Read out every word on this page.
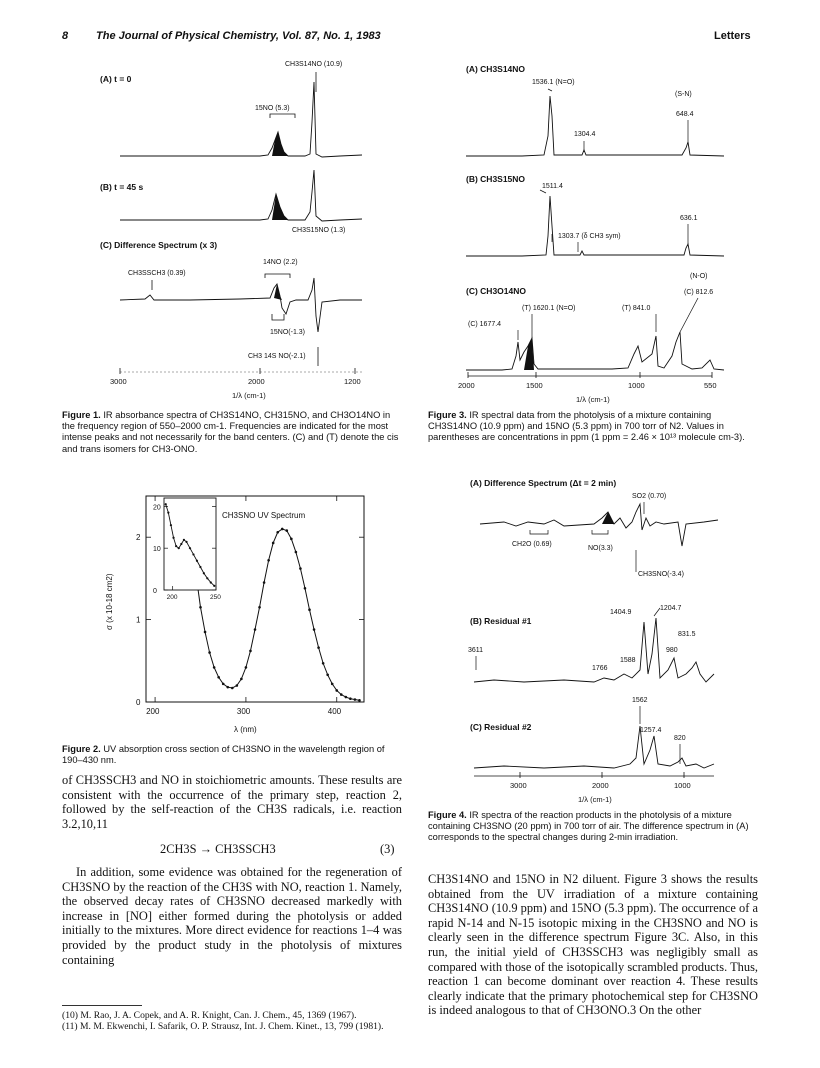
8	The Journal of Physical Chemistry, Vol. 87, No. 1, 1983	Letters
(A) t = 0
CH3S14NO (10.9)
15NO (5.3)
(B) t = 45 s
CH3S15NO (1.3)
(C) Difference Spectrum (x 3)
14NO (2.2)
CH3SSCH3 (0.39)
15NO(-1.3)
CH3 14S NO(-2.1)
3000	2000	1200
1/λ (cm-1)
Figure 1. IR absorbance spectra of CH3S14NO, CH315NO, and CH3O14NO in the frequency region of 550–2000 cm-1. Frequencies are indicated for the most intense peaks and not necessarily for the band centers. (C) and (T) denote the cis and trans isomers for CH3-ONO.
CH3SNO UV Spectrum
σ (x 10-18 cm2)
λ (nm)
200	300	400
0
1
2
200	250
0
10
20
Figure 2. UV absorption cross section of CH3SNO in the wavelength region of 190–430 nm.

of CH3SSCH3 and NO in stoichiometric amounts. These results are consistent with the occurrence of the primary step, reaction 2, followed by the self-reaction of the CH3S radicals, i.e. reaction 3.2,10,11

2CH3S → CH3SSCH3	(3)

In addition, some evidence was obtained for the regeneration of CH3SNO by the reaction of the CH3S with NO, reaction 1. Namely, the observed decay rates of CH3SNO decreased markedly with increase in [NO] either formed during the photolysis or added initially to the mixtures. More direct evidence for reactions 1–4 was provided by the product study in the photolysis of mixtures containing

(10) M. Rao, J. A. Copek, and A. R. Knight, Can. J. Chem., 45, 1369 (1967).
(11) M. M. Ekwenchi, I. Safarik, O. P. Strausz, Int. J. Chem. Kinet., 13, 799 (1981).
(A) CH3S14NO
1536.1 (N=O)
(S-N)
648.4
1304.4
(B) CH3S15NO
1511.4
636.1
1303.7 (δ CH3 sym)
(N-O)
(C) 812.6
(C) CH3O14NO
(T) 1620.1 (N=O)	(T) 841.0
(C) 1677.4
2000	1500	1000	550
1/λ (cm-1)
Figure 3. IR spectral data from the photolysis of a mixture containing CH3S14NO (10.9 ppm) and 15NO (5.3 ppm) in 700 torr of N2. Values in parentheses are concentrations in ppm (1 ppm = 2.46 × 10¹³ molecule cm-3).
(A) Difference Spectrum (Δt = 2 min)
SO2 (0.70)
CH2O (0.69)
NO(3.3)
CH3SNO(-3.4)
(B) Residual #1
1404.9
1204.7
831.5
980
3611
1588
1766
(C) Residual #2
1562
1257.4
820
3000	2000	1000
1/λ (cm-1)
Figure 4. IR spectra of the reaction products in the photolysis of a mixture containing CH3SNO (20 ppm) in 700 torr of air. The difference spectrum in (A) corresponds to the spectral changes during 2-min irradiation.

CH3S14NO and 15NO in N2 diluent. Figure 3 shows the results obtained from the UV irradiation of a mixture containing CH3S14NO (10.9 ppm) and 15NO (5.3 ppm). The occurrence of a rapid N-14 and N-15 isotopic mixing in the CH3SNO and NO is clearly seen in the difference spectrum Figure 3C. Also, in this run, the initial yield of CH3SSCH3 was negligibly small as compared with those of the isotopically scrambled products. Thus, reaction 1 can become dominant over reaction 4. These results clearly indicate that the primary photochemical step for CH3SNO is indeed analogous to that of CH3ONO.3 On the other
